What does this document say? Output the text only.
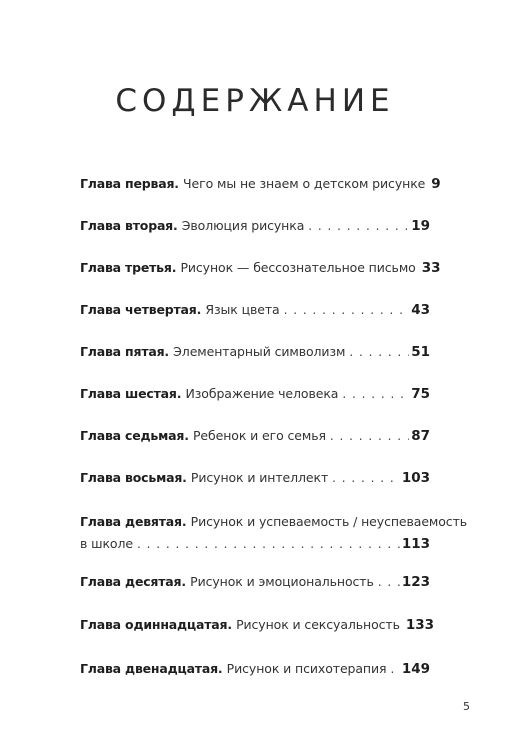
СОДЕРЖАНИЕ
Глава первая . Чего мы не знаем о детском рисунке 9
Глава вторая . Эволюция рисунка . . .	19
Глава третья . Рисунок — бессознательное письмо 33
Глава четвертая . Язык цвета . . .	43
Глава пятая . Элементарный символизм . . .	51
Глава шестая . Изображение человека . . .	75
Глава седьмая . Ребенок и его семья . . .	87
Глава восьмая . Рисунок и интеллект . . .	103
Глава девятая . Рисунок и успеваемость / неуспеваемость
в школе . . .	113
Глава десятая . Рисунок и эмоциональность . . . 123
Глава одиннадцатая . Рисунок и сексуальность 133
Глава двенадцатая . Рисунок и психотерапия . . . 149
5
